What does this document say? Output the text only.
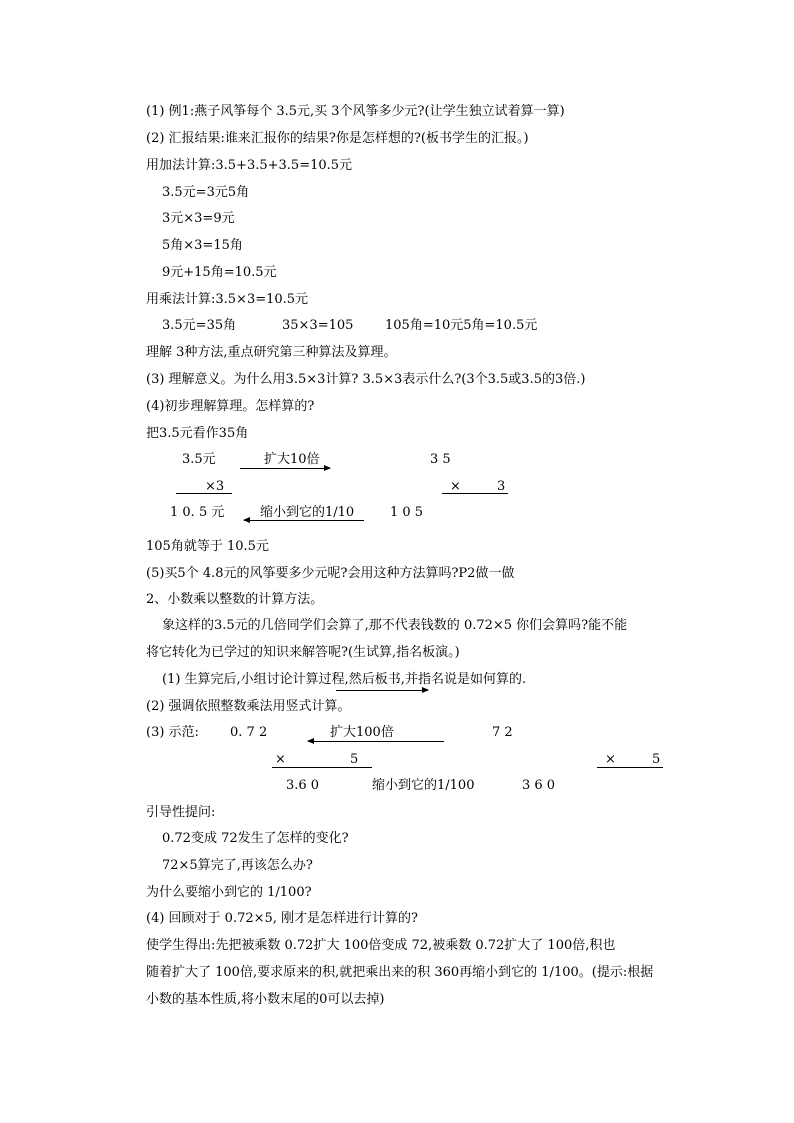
(1) 例1:燕子风筝每个 3.5元,买 3个风筝多少元?(让学生独立试着算一算)
(2) 汇报结果:谁来汇报你的结果?你是怎样想的?(板书学生的汇报。)
用加法计算:3.5+3.5+3.5=10.5元
3.5元=3元5角
3元×3=9元
5角×3=15角
9元+15角=10.5元
用乘法计算:3.5×3=10.5元
3.5元=35角	35×3=105 105角=10元5角=10.5元
理解 3种方法,重点研究第三种算法及算理。
(3) 理解意义。为什么用3.5×3计算? 3.5×3表示什么?(3个3.5或3.5的3倍.)
(4)初步理解算理。怎样算的?
把3.5元看作35角
3.5元	扩大10倍	3 5
×3	×	3
1 0. 5 元	缩小到它的1/10	1 0 5
105角就等于 10.5元
(5)买5个 4.8元的风筝要多少元呢?会用这种方法算吗?P2做一做
2、小数乘以整数的计算方法。
象这样的3.5元的几倍同学们会算了,那不代表钱数的 0.72×5 你们会算吗?能不能
将它转化为已学过的知识来解答呢?(生试算,指名板演。)
(1) 生算完后,小组讨论计算过程,然后板书,并指名说是如何算的.
(2) 强调依照整数乘法用竖式计算。
(3) 示范: 0. 7 2	扩大100倍	7 2
×	5	×	5
3.6 0	缩小到它的1/100	3 6 0
引导性提问:
0.72变成 72发生了怎样的变化?
72×5算完了,再该怎么办?
为什么要缩小到它的 1/100?
(4) 回顾对于 0.72×5, 刚才是怎样进行计算的?
使学生得出:先把被乘数 0.72扩大 100倍变成 72,被乘数 0.72扩大了 100倍,积也
随着扩大了 100倍,要求原来的积,就把乘出来的积 360再缩小到它的 1/100。(提示:根据
小数的基本性质,将小数末尾的0可以去掉)
